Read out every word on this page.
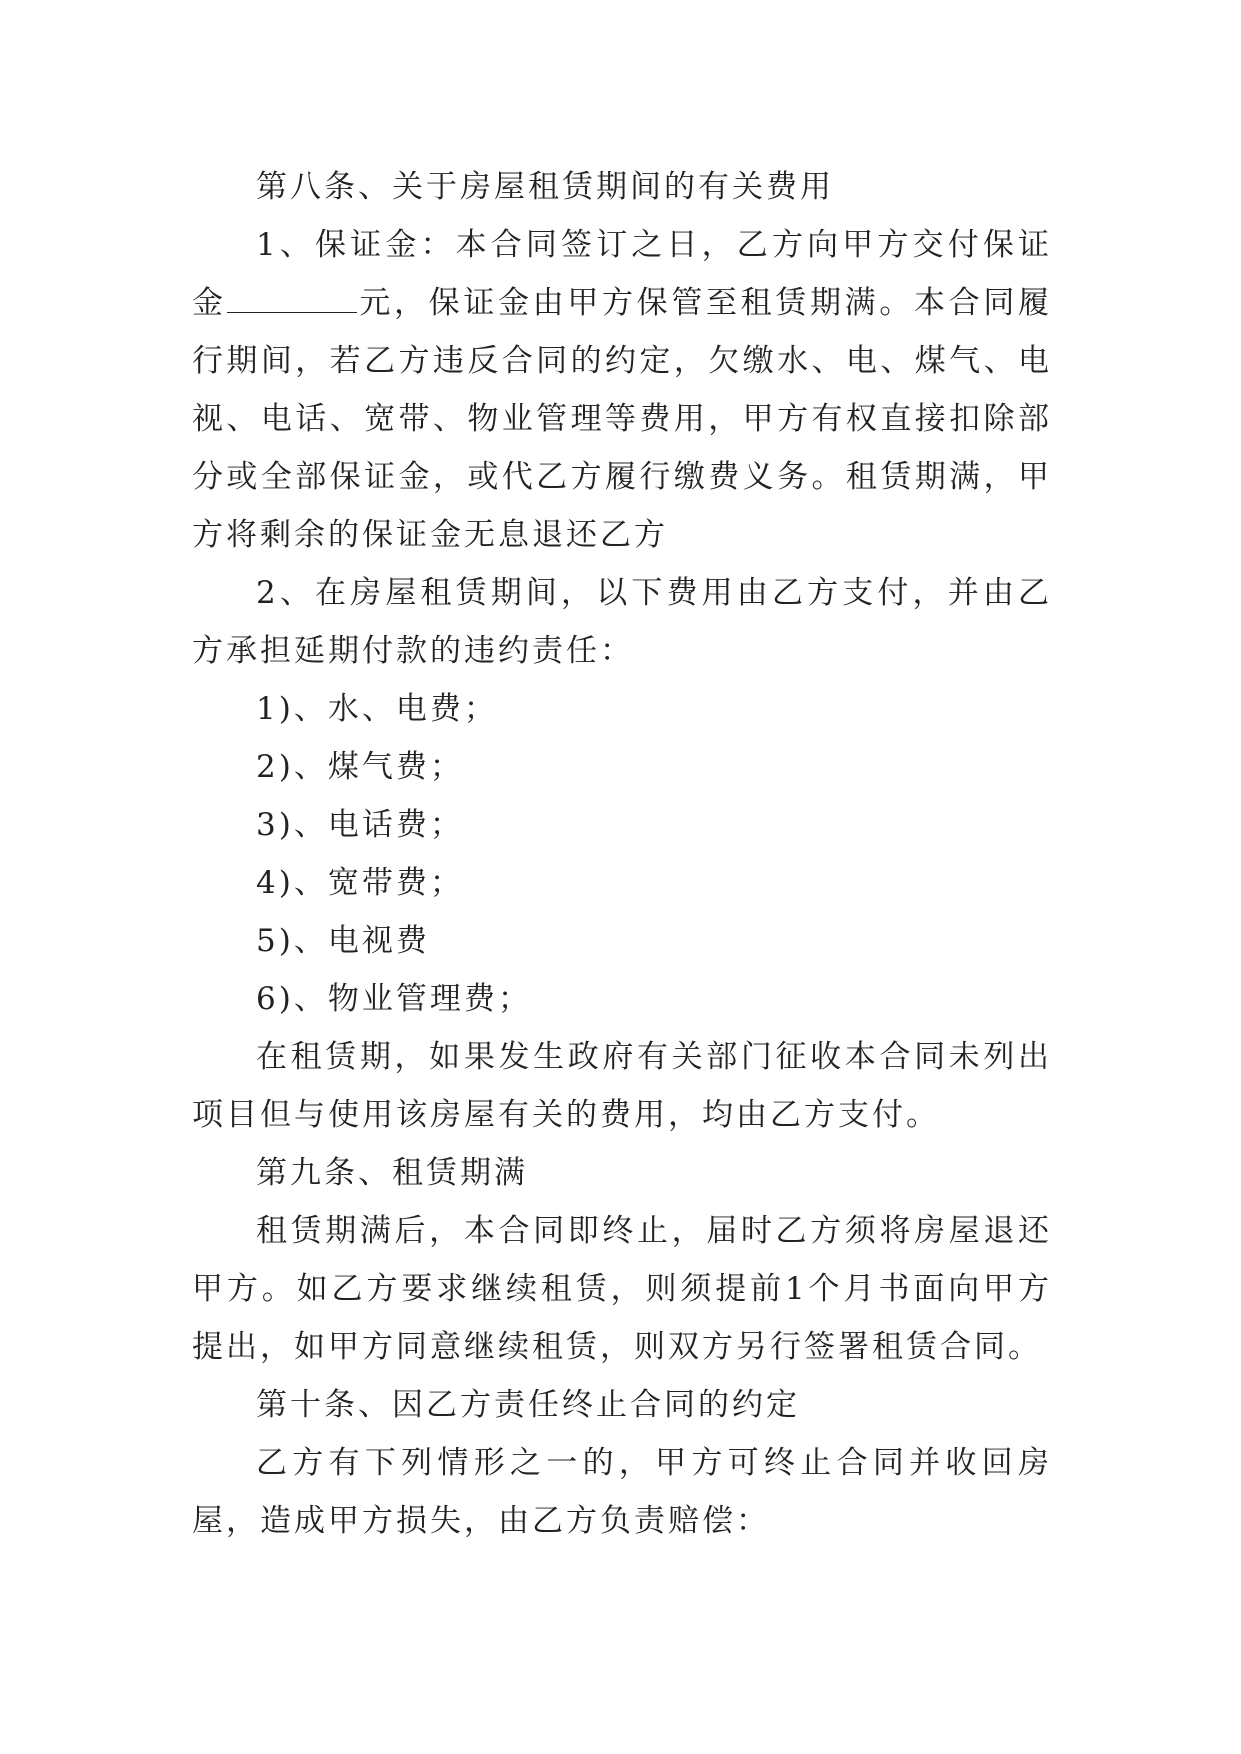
第八条、关于房屋租赁期间的有关费用

1、保证金：本合同签订之日，乙方向甲方交付保证金	元，保证金由甲方保管至租赁期满。本合同履行期间，若乙方违反合同的约定，欠缴水、电、煤气、电视、电话、宽带、物业管理等费用，甲方有权直接扣除部分或全部保证金，或代乙方履行缴费义务。租赁期满，甲方将剩余的保证金无息退还乙方

2、在房屋租赁期间，以下费用由乙方支付，并由乙方承担延期付款的违约责任：

1)、水、电费；

2)、煤气费；

3)、电话费；

4)、宽带费；

5)、电视费

6)、物业管理费；

在租赁期，如果发生政府有关部门征收本合同未列出项目但与使用该房屋有关的费用，均由乙方支付。

第九条、租赁期满

租赁期满后，本合同即终止，届时乙方须将房屋退还甲方。如乙方要求继续租赁，则须提前1个月书面向甲方提出，如甲方同意继续租赁，则双方另行签署租赁合同。

第十条、因乙方责任终止合同的约定

乙方有下列情形之一的，甲方可终止合同并收回房屋，造成甲方损失，由乙方负责赔偿：
